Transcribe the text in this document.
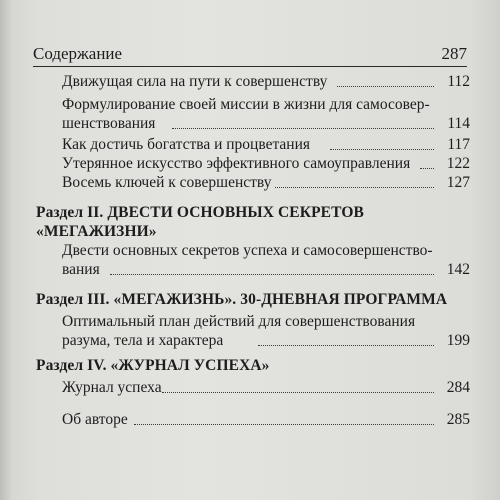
Содержание	287
Движущая сила на пути к совершенству	112
Формулирование своей миссии в жизни для самосовер-
шенствования	114
Как достичь богатства и процветания	117
Утерянное искусство эффективного самоуправления 122
Восемь ключей к совершенству	127
Раздел II. ДВЕСТИ ОСНОВНЫХ СЕКРЕТОВ
«МЕГАЖИЗНИ»
Двести основных секретов успеха и самосовершенство-
вания	142
Раздел III. «МЕГАЖИЗНЬ». 30-ДНЕВНАЯ ПРОГРАММА
Оптимальный план действий для совершенствования
разума, тела и характера	199
Раздел IV. «ЖУРНАЛ УСПЕХА»
Журнал успеха	284
Об авторе	285
